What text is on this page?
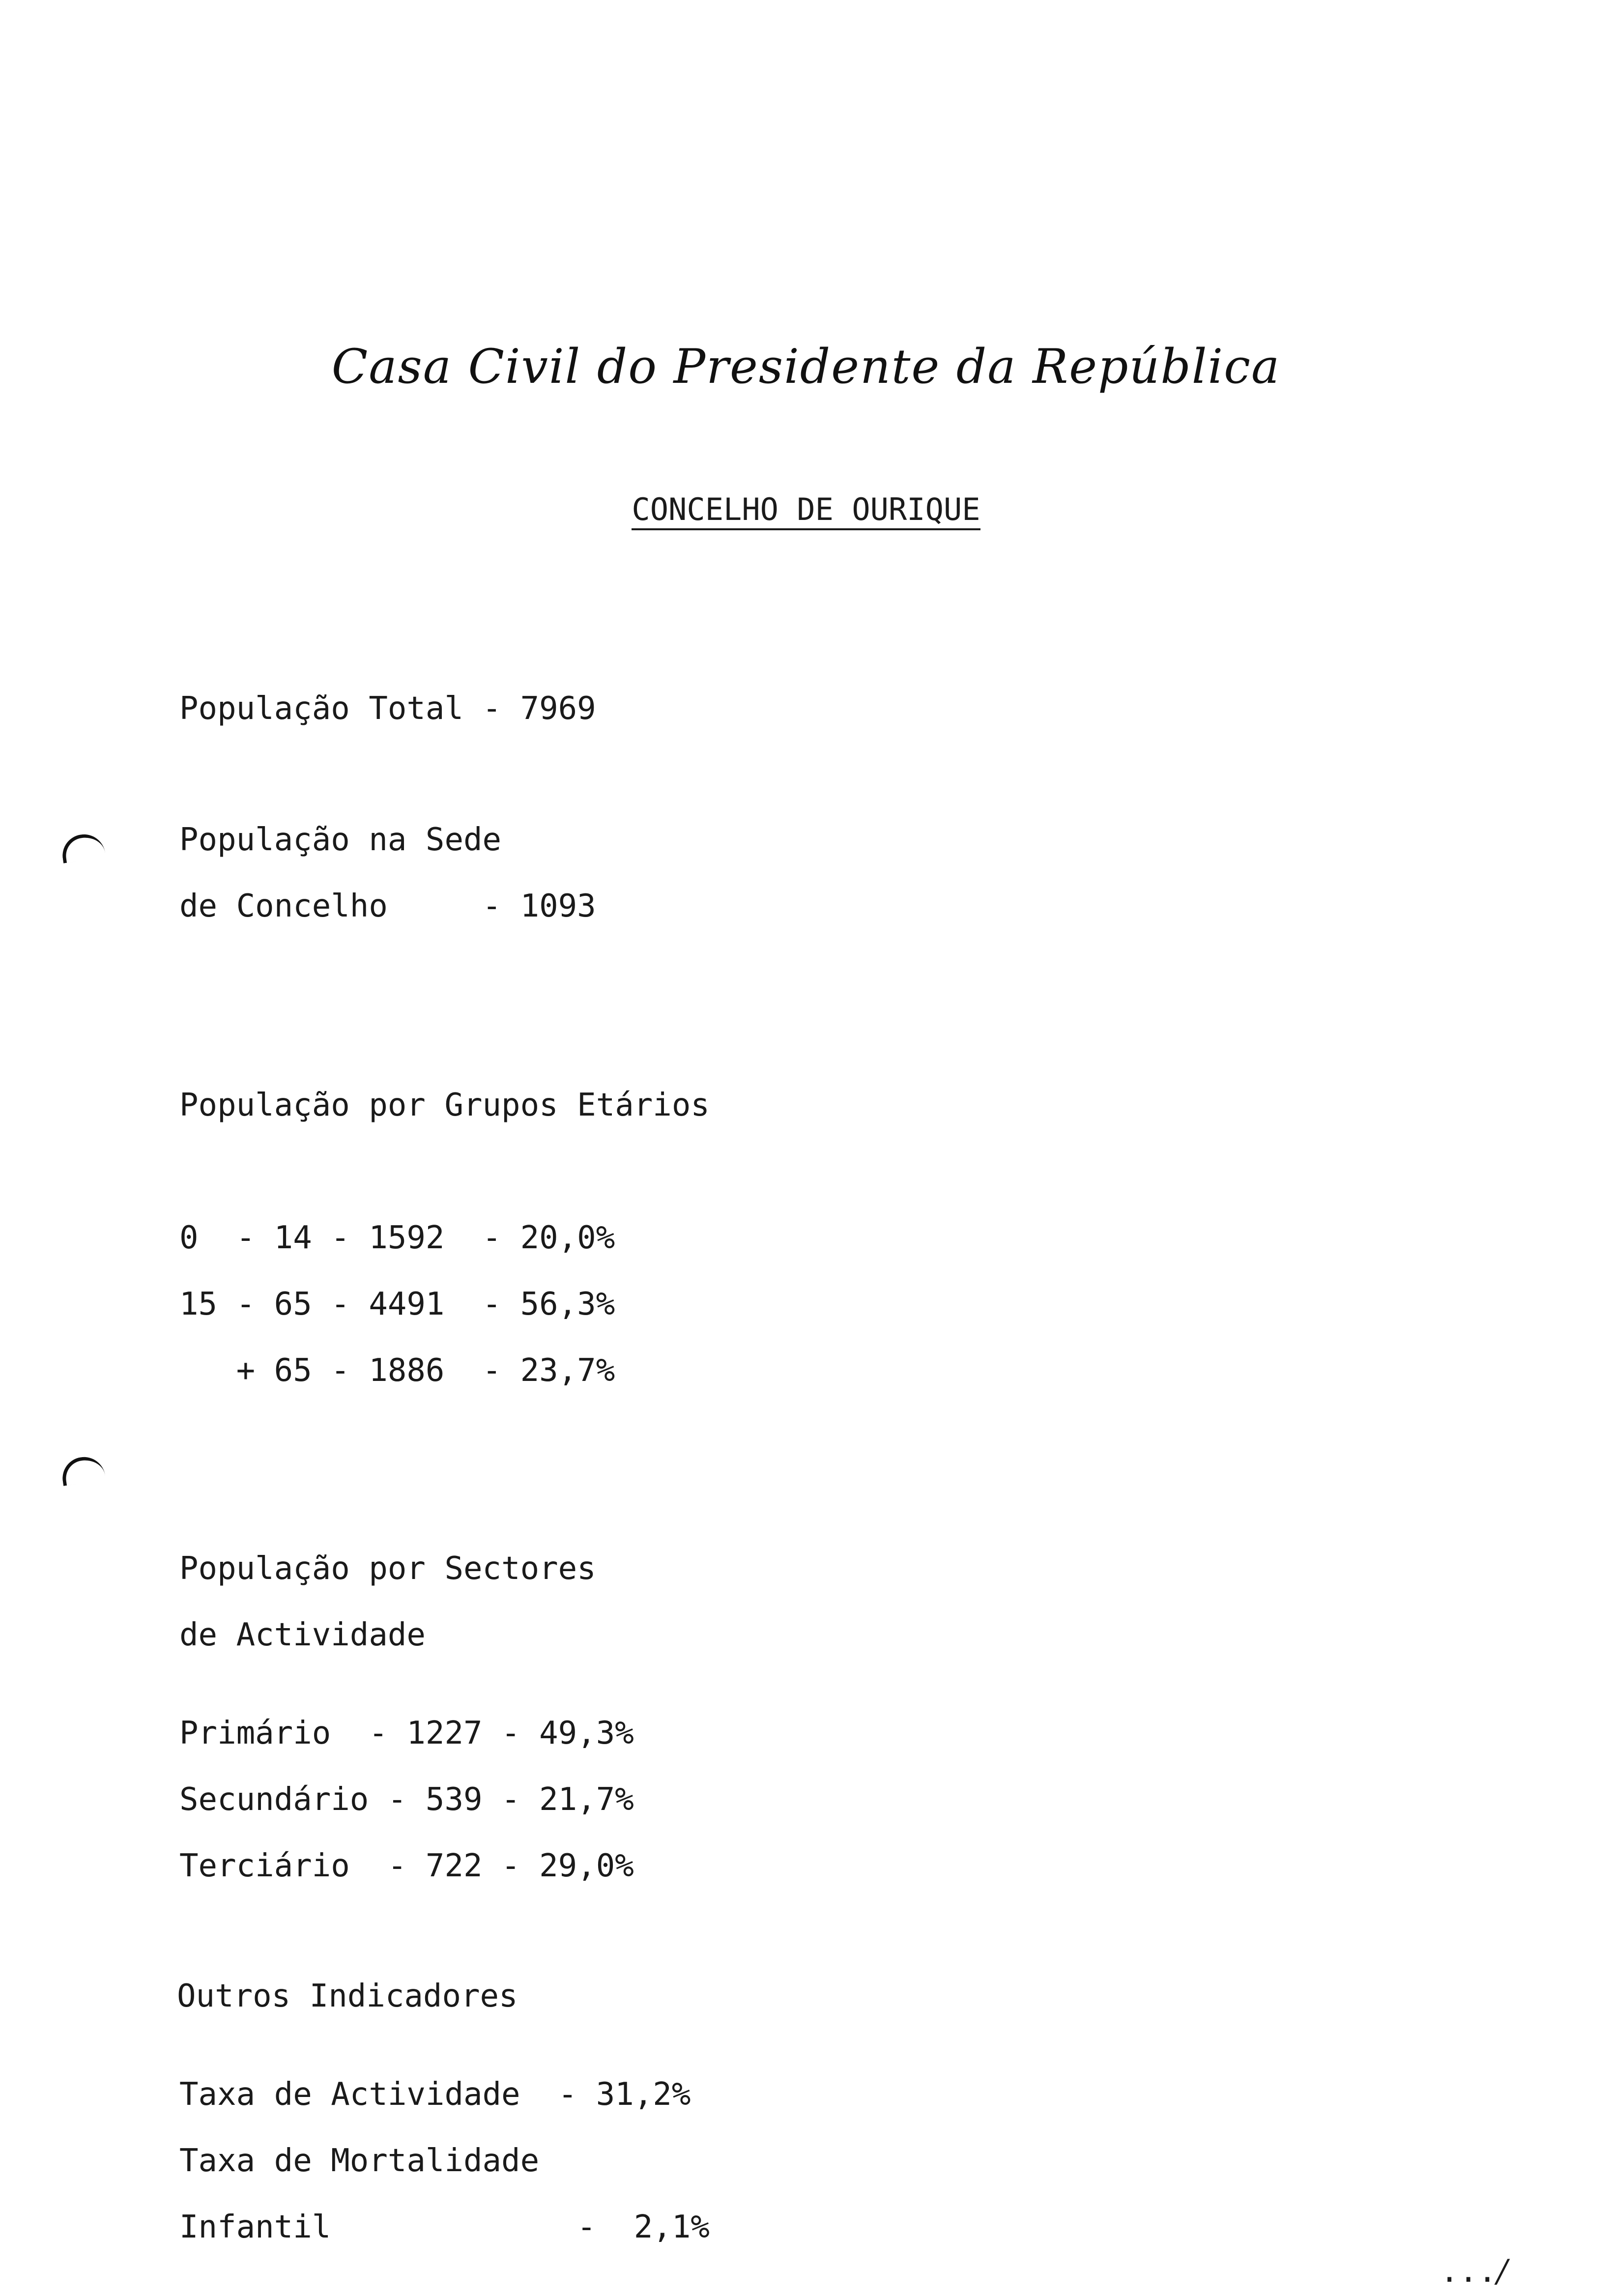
Casa Civil do Presidente da República
CONCELHO DE OURIQUE
População Total - 7969
População na Sede
de Concelho     - 1093
População por Grupos Etários
0  - 14 - 1592  - 20,0%
15 - 65 - 4491  - 56,3%
+ 65 - 1886  - 23,7%
População por Sectores
de Actividade
Primário  - 1227 - 49,3%
Secundário - 539 - 21,7%
Terciário  - 722 - 29,0%
Outros Indicadores
Taxa de Actividade  - 31,2%
Taxa de Mortalidade
Infantil             -  2,1%
.../
